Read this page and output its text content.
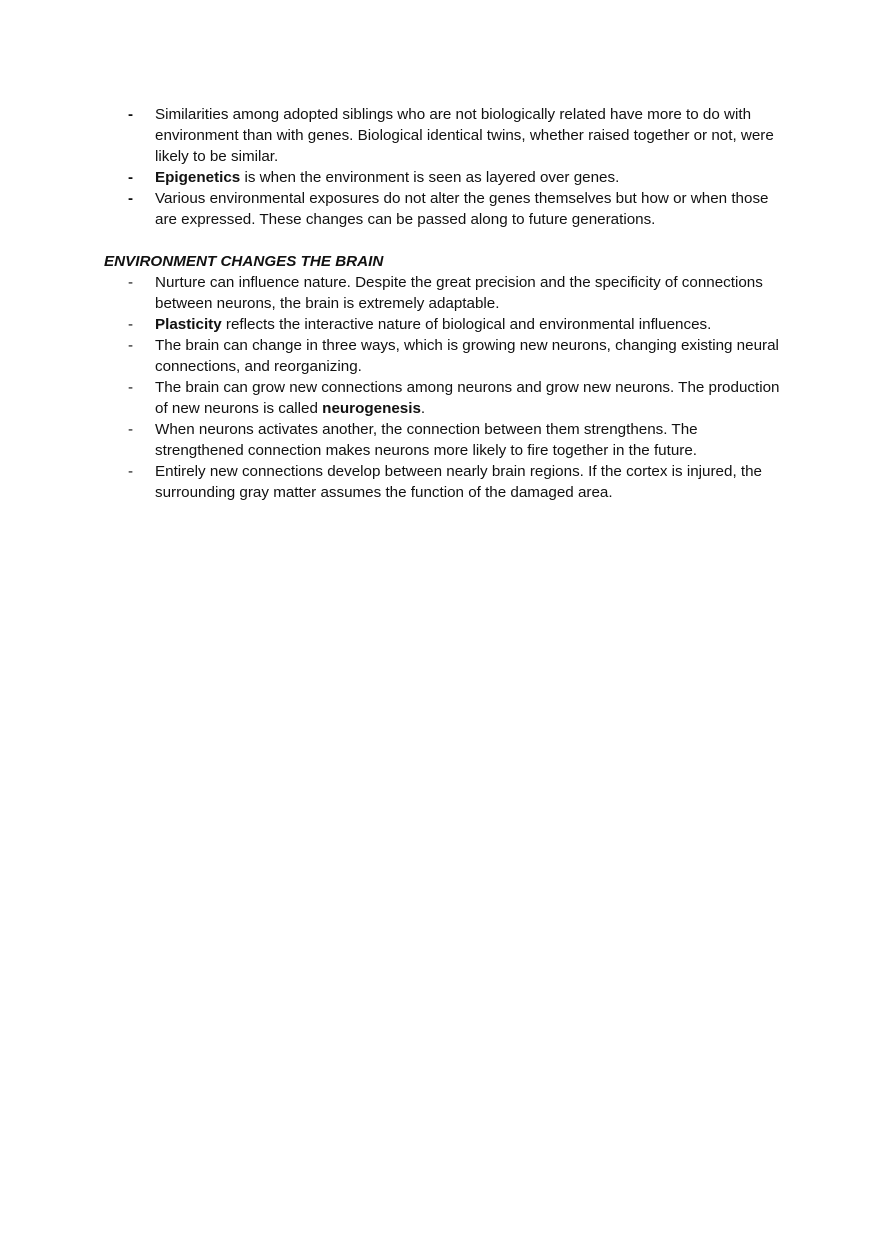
- Similarities among adopted siblings who are not biologically related have more to do with environment than with genes. Biological identical twins, whether raised together or not, were likely to be similar.
- Epigenetics is when the environment is seen as layered over genes.
- Various environmental exposures do not alter the genes themselves but how or when those are expressed. These changes can be passed along to future generations.

ENVIRONMENT CHANGES THE BRAIN

- Nurture can influence nature. Despite the great precision and the specificity of connections between neurons, the brain is extremely adaptable.
- Plasticity reflects the interactive nature of biological and environmental influences.
- The brain can change in three ways, which is growing new neurons, changing existing neural connections, and reorganizing.
- The brain can grow new connections among neurons and grow new neurons. The production of new neurons is called neurogenesis.
- When neurons activates another, the connection between them strengthens. The strengthened connection makes neurons more likely to fire together in the future.
- Entirely new connections develop between nearly brain regions. If the cortex is injured, the surrounding gray matter assumes the function of the damaged area.
